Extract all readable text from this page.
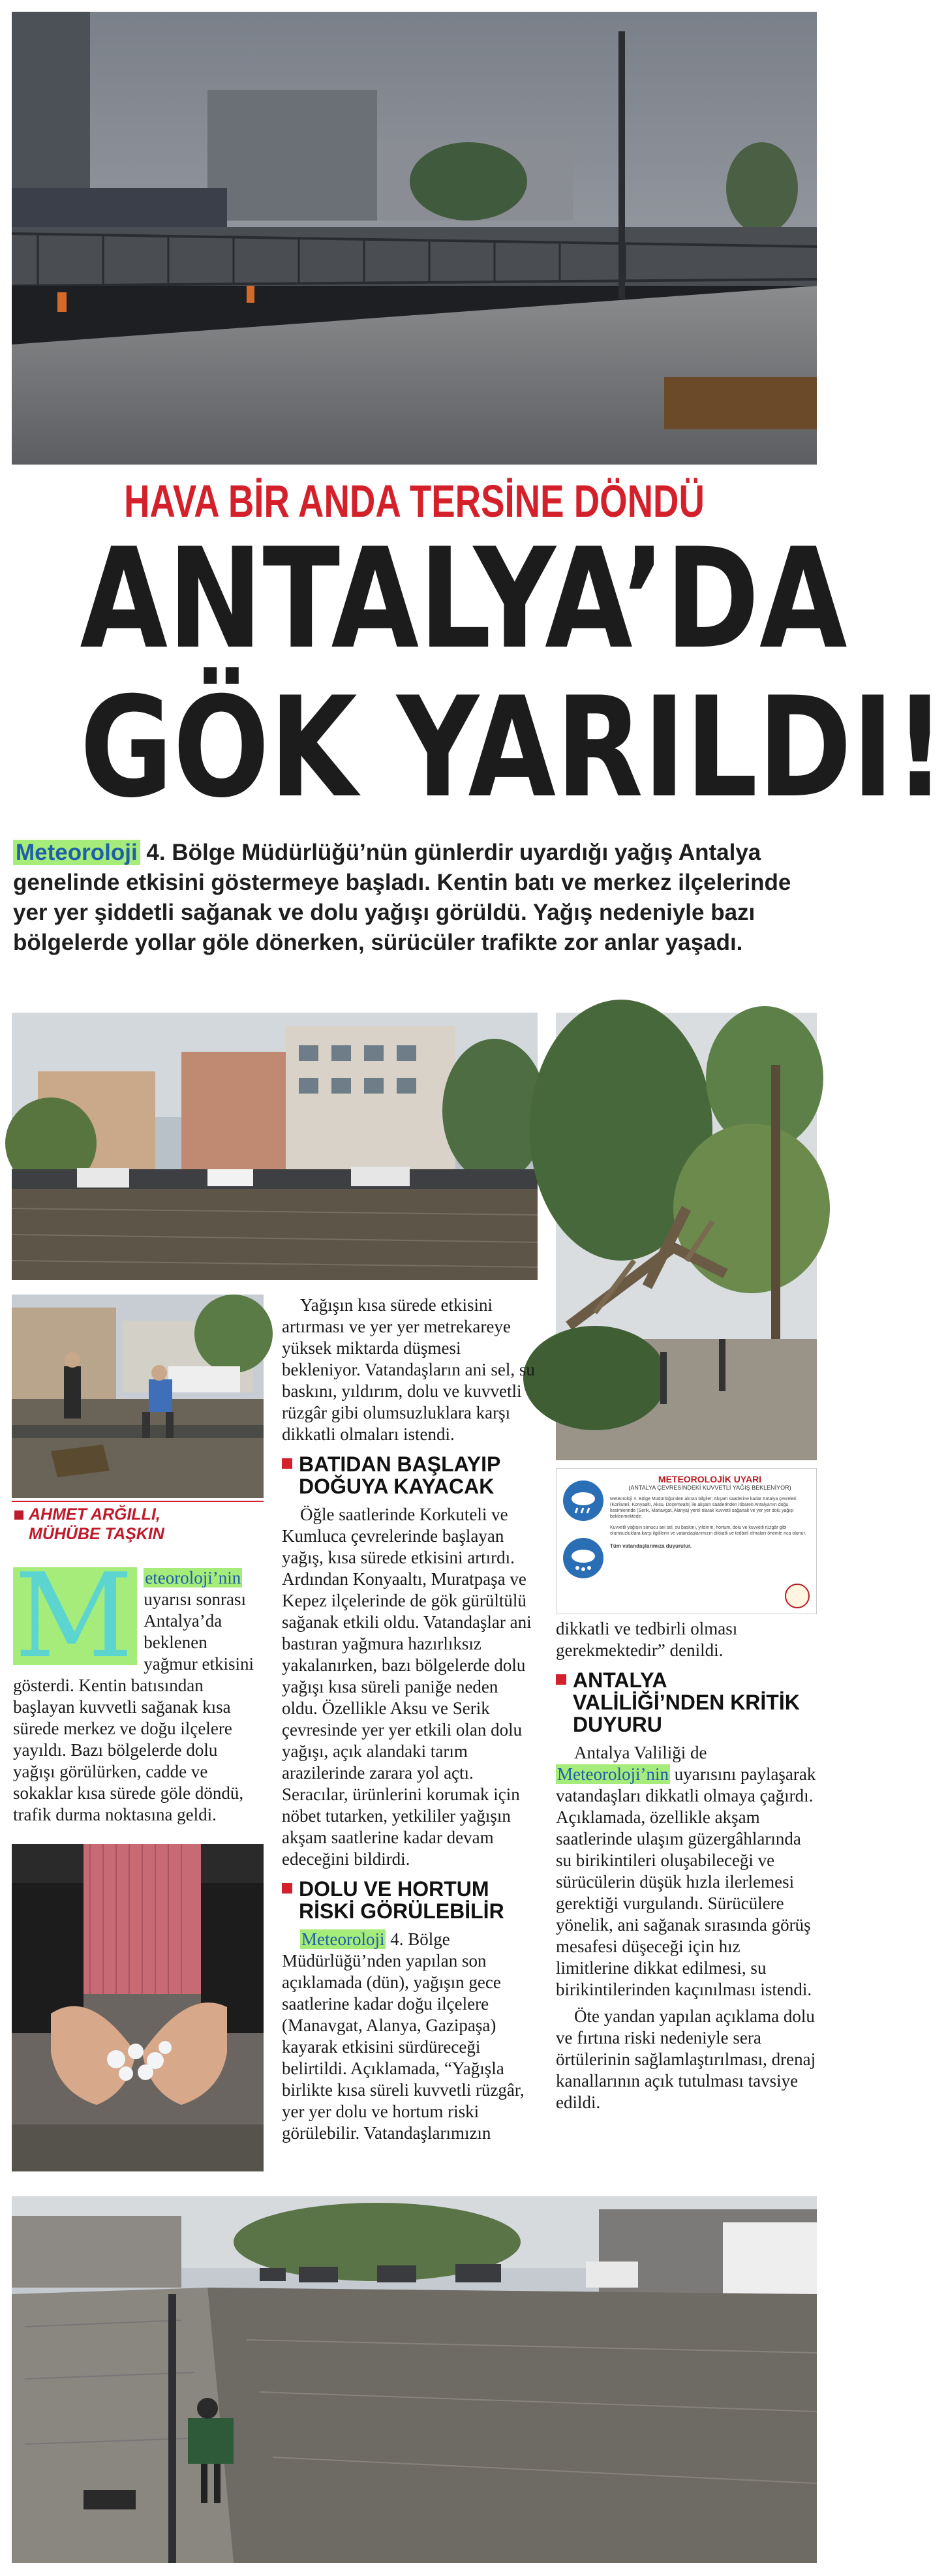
HAVA BİR ANDA TERSİNE DÖNDÜ
ANTALYA’DA
GÖK YARILDI!
Meteoroloji 4. Bölge Müdürlüğü’nün günlerdir uyardığı yağış Antalya genelinde etkisini göstermeye başladı. Kentin batı ve merkez ilçelerinde yer yer şiddetli sağanak ve dolu yağışı görüldü. Yağış nedeniyle bazı bölgelerde yollar göle dönerken, sürücüler trafikte zor anlar yaşadı.
AHMET ARĞILLI,
MÜHÜBE TAŞKIN

M eteoroloji’nin uyarısı sonrası Antalya’da beklenen yağmur etkisini gösterdi. Kentin batısından başlayan kuvvetli sağanak kısa sürede merkez ve doğu ilçelere yayıldı. Bazı bölgelerde dolu yağışı görülürken, cadde ve sokaklar kısa sürede göle döndü, trafik durma noktasına geldi.

Yağışın kısa sürede etkisini artırması ve yer yer metrekareye yüksek miktarda düşmesi bekleniyor. Vatandaşların ani sel, su baskını, yıldırım, dolu ve kuvvetli rüzgâr gibi olumsuzluklara karşı dikkatli olmaları istendi.

BATIDAN BAŞLAYIP DOĞUYA KAYACAK

Öğle saatlerinde Korkuteli ve Kumluca çevrelerinde başlayan yağış, kısa sürede etkisini artırdı. Ardından Konyaaltı, Muratpaşa ve Kepez ilçelerinde de gök gürültülü sağanak etkili oldu. Vatandaşlar ani bastıran yağmura hazırlıksız yakalanırken, bazı bölgelerde dolu yağışı kısa süreli paniğe neden oldu. Özellikle Aksu ve Serik çevresinde yer yer etkili olan dolu yağışı, açık alandaki tarım arazilerinde zarara yol açtı. Seracılar, ürünlerini korumak için nöbet tutarken, yetkililer yağışın akşam saatlerine kadar devam edeceğini bildirdi.

DOLU VE HORTUM RİSKİ GÖRÜLEBİLİR

Meteoroloji 4. Bölge Müdürlüğü’nden yapılan son açıklamada (dün), yağışın gece saatlerine kadar doğu ilçelere (Manavgat, Alanya, Gazipaşa) kayarak etkisini sürdüreceği belirtildi. Açıklamada, “Yağışla birlikte kısa süreli kuvvetli rüzgâr, yer yer dolu ve hortum riski görülebilir. Vatandaşlarımızın

METEOROLOJİK UYARI
(ANTALYA ÇEVRESİNDEKİ KUVVETLİ YAĞIŞ BEKLENİYOR)
Meteoroloji 4. Bölge Müdürlüğünden alınan bilgiler; Akşam saatlerine kadar Antalya çevreleri (Korkuteli, Konyaaltı, Aksu, Döşemealtı) ile akşam saatlerinden itibaren Antalya'nın doğu kesimlerinde (Serik, Manavgat, Alanya) yerel olarak kuvvetli sağanak ve yer yer dolu yağışı beklenmektedir.
Kuvvetli yağışın sonucu ani sel, su baskını, yıldırım, hortum, dolu ve kuvvetli rüzgâr gibi olumsuzluklara karşı ilgililerin ve vatandaşlarımızın dikkatli ve tedbirli olmaları önemle rica olunur.
Tüm vatandaşlarımıza duyurulur.

dikkatli ve tedbirli olması gerekmektedir” denildi.

ANTALYA VALİLİĞİ’NDEN KRİTİK DUYURU

Antalya Valiliği de Meteoroloji’nin uyarısını paylaşarak vatandaşları dikkatli olmaya çağırdı. Açıklamada, özellikle akşam saatlerinde ulaşım güzergâhlarında su birikintileri oluşabileceği ve sürücülerin düşük hızla ilerlemesi gerektiği vurgulandı. Sürücülere yönelik, ani sağanak sırasında görüş mesafesi düşeceği için hız limitlerine dikkat edilmesi, su birikintilerinden kaçınılması istendi.

Öte yandan yapılan açıklama dolu ve fırtına riski nedeniyle sera örtülerinin sağlamlaştırılması, drenaj kanallarının açık tutulması tavsiye edildi.
